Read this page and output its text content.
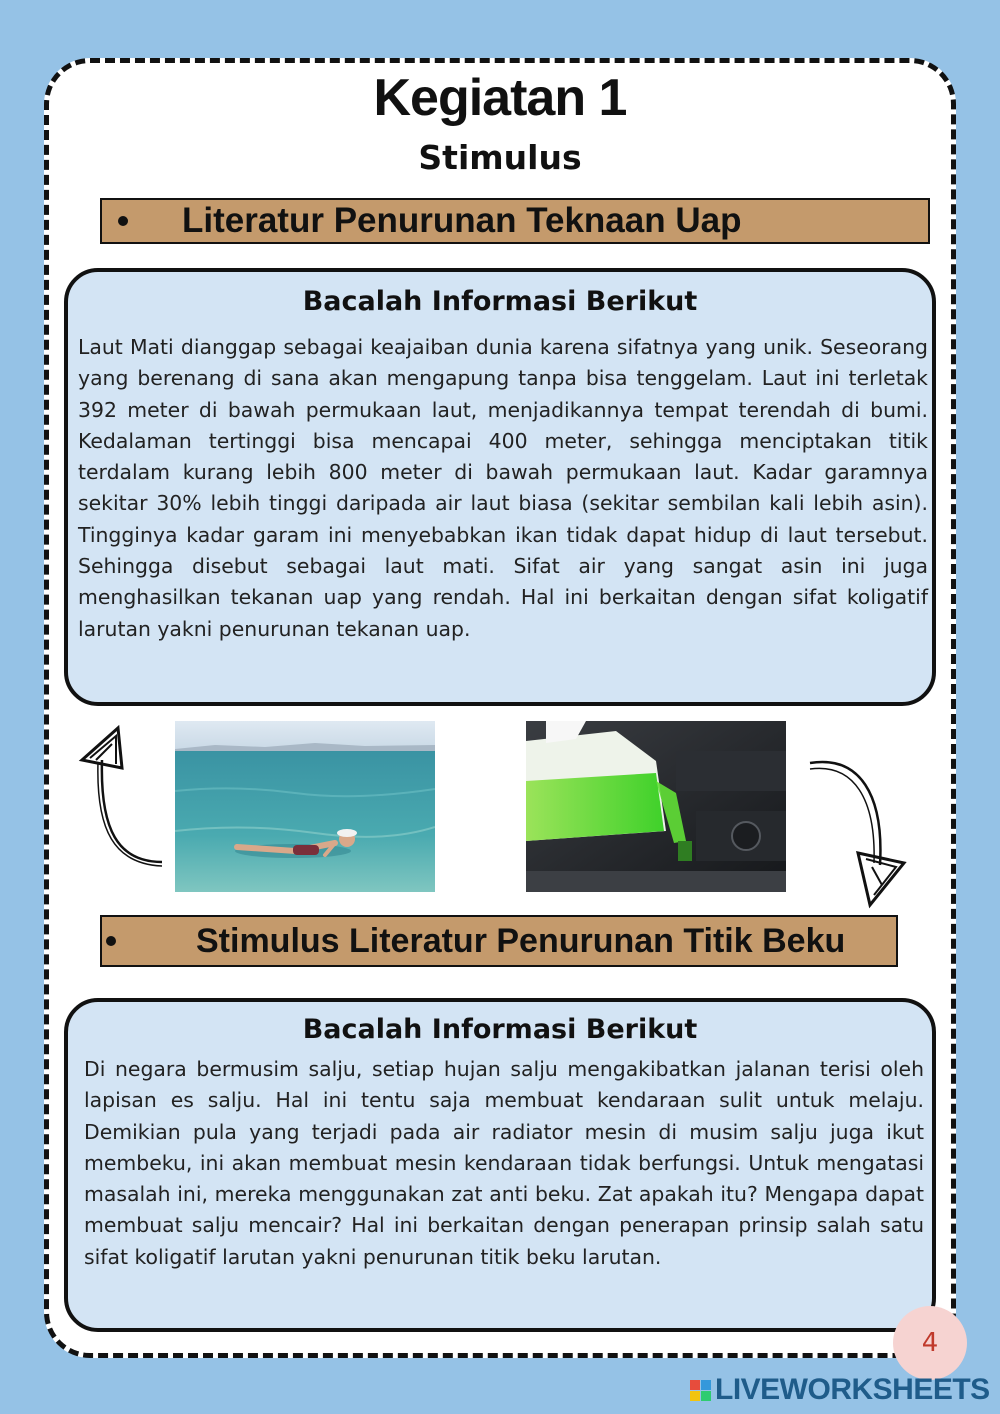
Kegiatan 1
Stimulus
Literatur Penurunan Teknaan Uap
Bacalah Informasi Berikut
Laut Mati dianggap sebagai keajaiban dunia karena sifatnya yang unik. Seseorang yang berenang di sana akan mengapung tanpa bisa tenggelam. Laut ini terletak 392 meter di bawah permukaan laut, menjadikannya tempat terendah di bumi. Kedalaman tertinggi bisa mencapai 400 meter, sehingga menciptakan titik terdalam kurang lebih 800 meter di bawah permukaan laut. Kadar garamnya sekitar 30% lebih tinggi daripada air laut biasa (sekitar sembilan kali lebih asin). Tingginya kadar garam ini menyebabkan ikan tidak dapat hidup di laut tersebut. Sehingga disebut sebagai laut mati. Sifat air yang sangat asin ini juga menghasilkan tekanan uap yang rendah. Hal ini berkaitan dengan sifat koligatif larutan yakni penurunan tekanan uap.
Stimulus Literatur Penurunan Titik Beku
Bacalah Informasi Berikut
Di negara bermusim salju, setiap hujan salju mengakibatkan jalanan terisi oleh lapisan es salju. Hal ini tentu saja membuat kendaraan sulit untuk melaju. Demikian pula yang terjadi pada air radiator mesin di musim salju juga ikut membeku, ini akan membuat mesin kendaraan tidak berfungsi. Untuk mengatasi masalah ini, mereka menggunakan zat anti beku. Zat apakah itu? Mengapa dapat membuat salju mencair? Hal ini berkaitan dengan penerapan prinsip salah satu sifat koligatif larutan yakni penurunan titik beku larutan.
4
LIVEWORKSHEETS
